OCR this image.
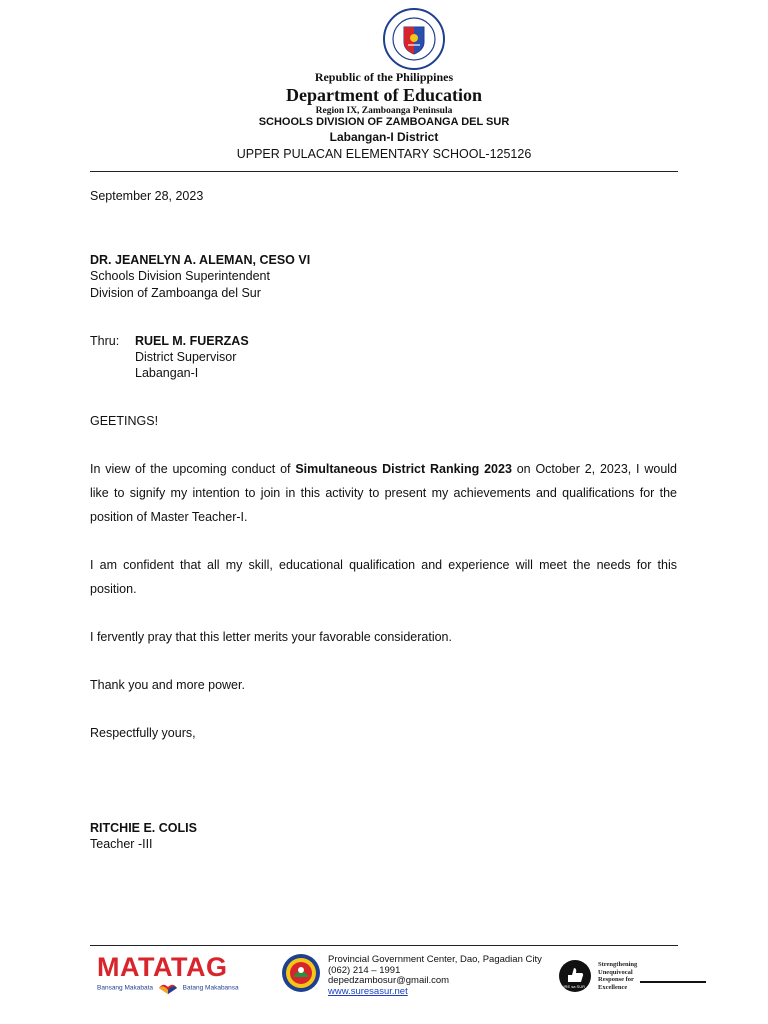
Republic of the Philippines
Department of Education
Region IX, Zamboanga Peninsula
SCHOOLS DIVISION OF ZAMBOANGA DEL SUR
Labangan-I District
UPPER PULACAN ELEMENTARY SCHOOL-125126
September 28, 2023
DR. JEANELYN A. ALEMAN, CESO VI
Schools Division Superintendent
Division of Zamboanga del Sur
Thru: RUEL M. FUERZAS
District Supervisor
Labangan-I
GEETINGS!
In view of the upcoming conduct of Simultaneous District Ranking 2023 on October 2, 2023, I would like to signify my intention to join in this activity to present my achievements and qualifications for the position of Master Teacher-I.
I am confident that all my skill, educational qualification and experience will meet the needs for this position.
I fervently pray that this letter merits your favorable consideration.
Thank you and more power.
Respectfully yours,
RITCHIE E. COLIS
Teacher -III
MATATAG
Bansang Makabata	Batang Makabansa
Provincial Government Center, Dao, Pagadian City
(062) 214 – 1991
depedzambosur@gmail.com
www.suresasur.net	SURE sa SUR
Strengthening
Unequivocal
Response for
Excellence
